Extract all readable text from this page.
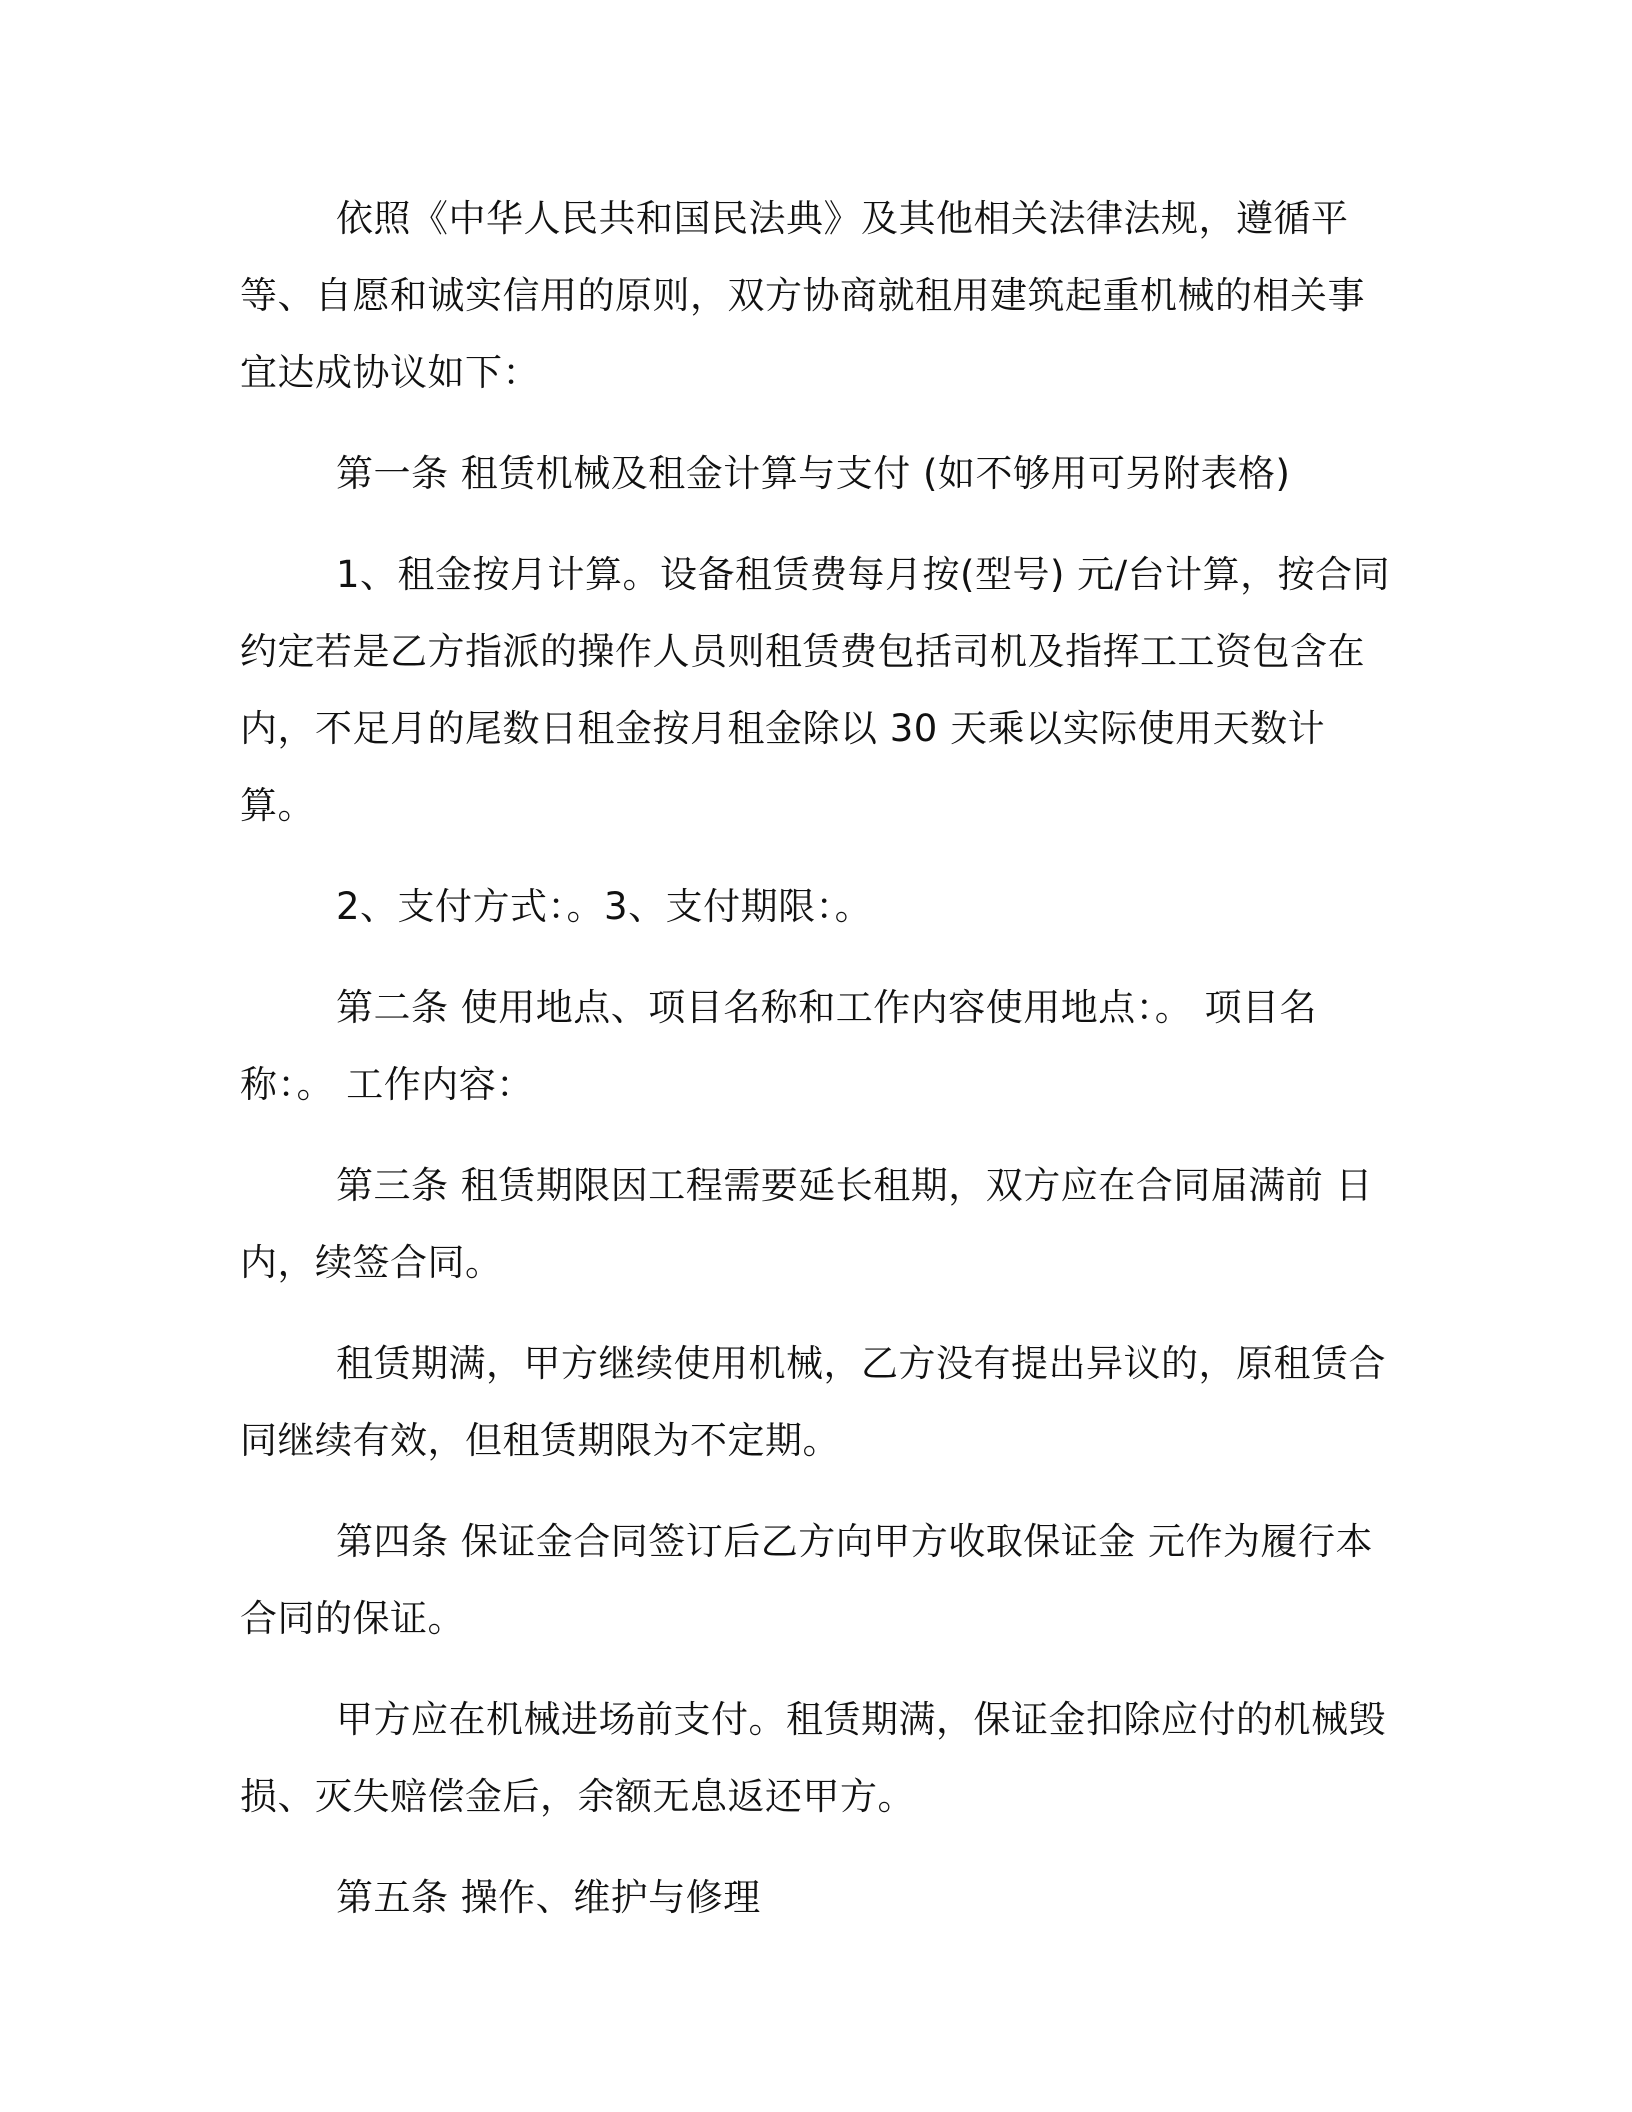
依照《中华人民共和国民法典》及其他相关法律法规，遵循平等、自愿和诚实信用的原则，双方协商就租用建筑起重机械的相关事宜达成协议如下：

第一条 租赁机械及租金计算与支付 (如不够用可另附表格)

1、租金按月计算。设备租赁费每月按(型号) 元/台计算，按合同约定若是乙方指派的操作人员则租赁费包括司机及指挥工工资包含在内，不足月的尾数日租金按月租金除以 30 天乘以实际使用天数计算。

2、支付方式：。3、支付期限：。

第二条 使用地点、项目名称和工作内容使用地点：。 项目名称：。 工作内容：

第三条 租赁期限因工程需要延长租期，双方应在合同届满前 日内，续签合同。

租赁期满，甲方继续使用机械，乙方没有提出异议的，原租赁合同继续有效，但租赁期限为不定期。

第四条 保证金合同签订后乙方向甲方收取保证金 元作为履行本合同的保证。

甲方应在机械进场前支付。租赁期满，保证金扣除应付的机械毁损、灭失赔偿金后，余额无息返还甲方。

第五条 操作、维护与修理
